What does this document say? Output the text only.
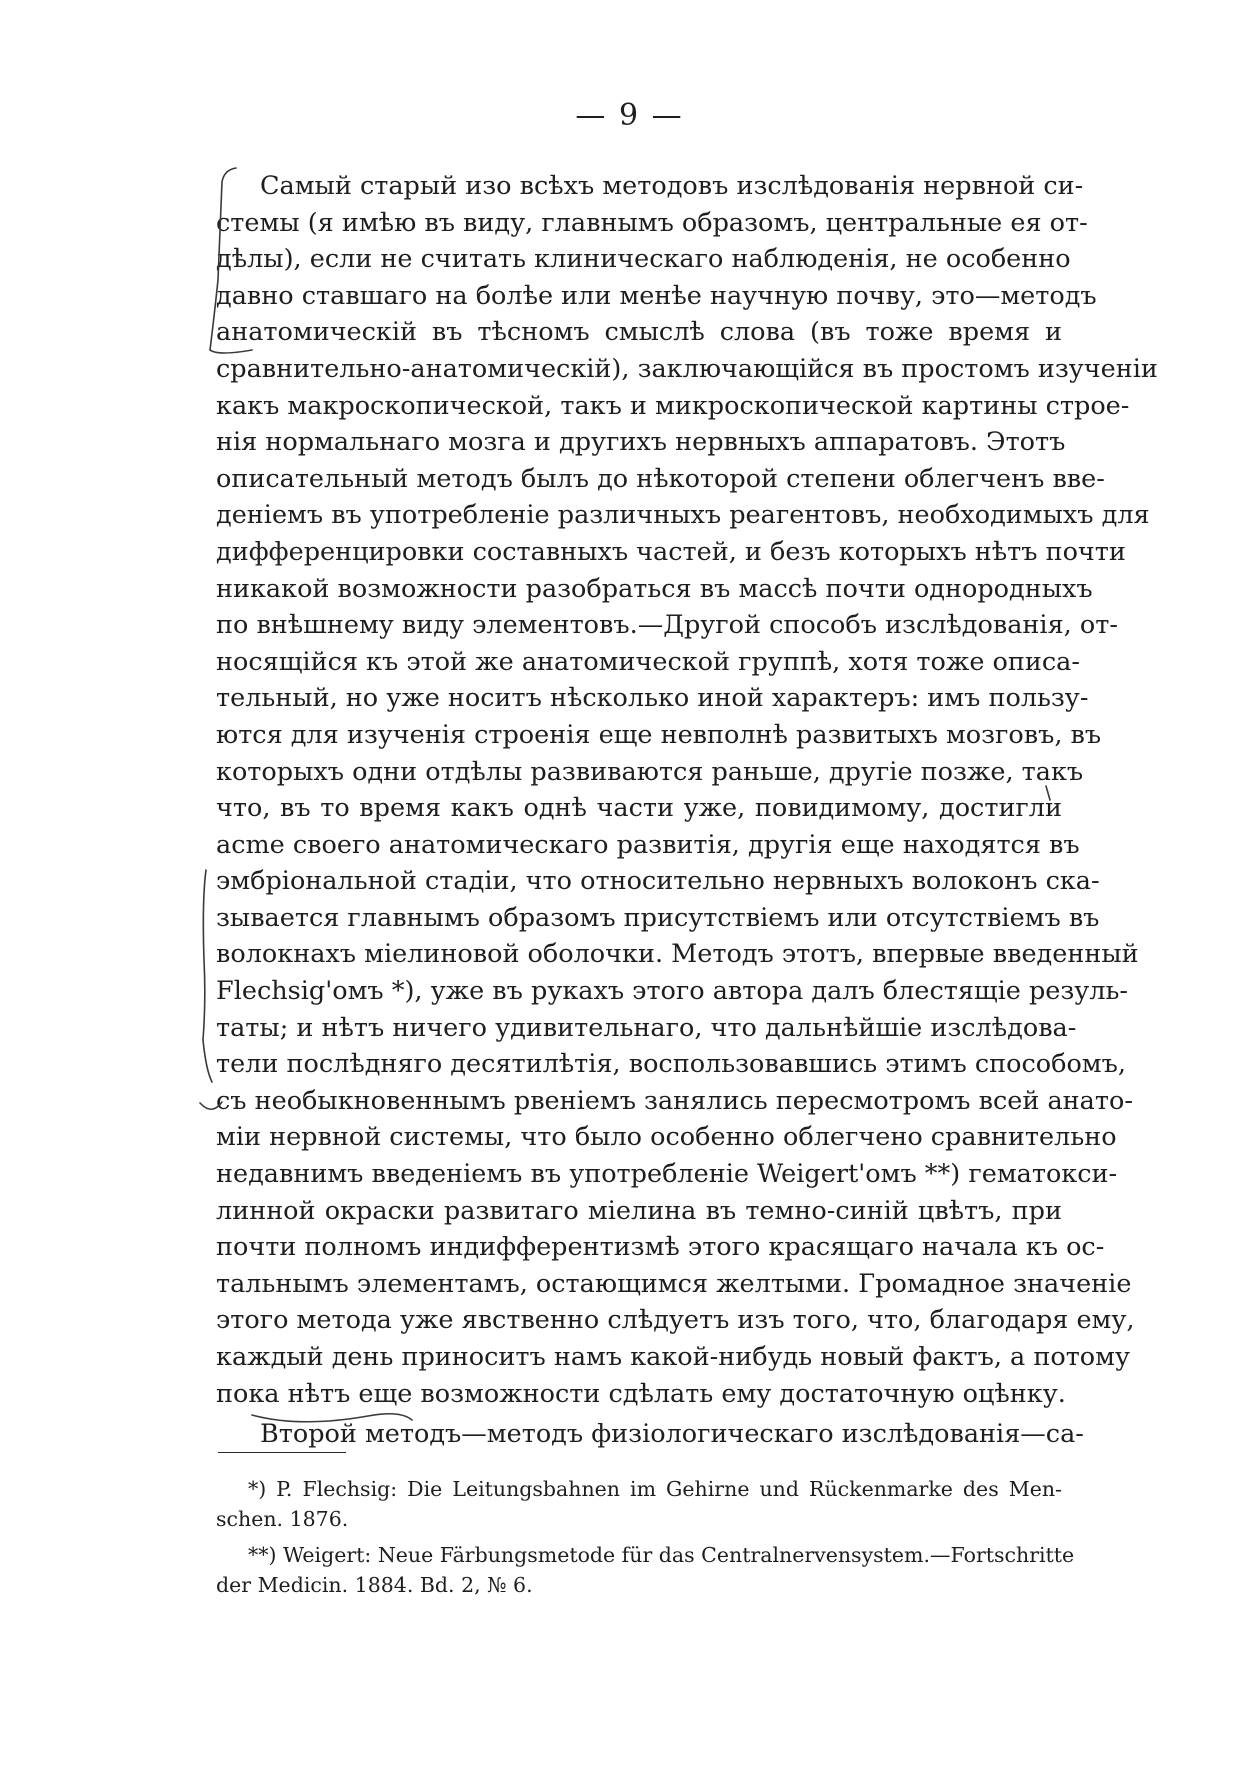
— 9 —
Самый старый изо всѣхъ методовъ изслѣдованія нервной си-
стемы (я имѣю въ виду, главнымъ образомъ, центральные ея от-
дѣлы), если не считать клиническаго наблюденія, не особенно
давно ставшаго на болѣе или менѣе научную почву, это—методъ
анатомическій въ тѣсномъ смыслѣ слова (въ тоже время и
сравнительно-анатомическій), заключающійся въ простомъ изученіи
какъ макроскопической, такъ и микроскопической картины строе-
нія нормальнаго мозга и другихъ нервныхъ аппаратовъ. Этотъ
описательный методъ былъ до нѣкоторой степени облегченъ вве-
деніемъ въ употребленіе различныхъ реагентовъ, необходимыхъ для
дифференцировки составныхъ частей, и безъ которыхъ нѣтъ почти
никакой возможности разобраться въ массѣ почти однородныхъ
по внѣшнему виду элементовъ.—Другой способъ изслѣдованія, от-
носящійся къ этой же анатомической группѣ, хотя тоже описа-
тельный, но уже носитъ нѣсколько иной характеръ: имъ пользу-
ются для изученія строенія еще невполнѣ развитыхъ мозговъ, въ
которыхъ одни отдѣлы развиваются раньше, другіе позже, такъ
что, въ то время какъ однѣ части уже, повидимому, достигли
acme своего анатомическаго развитія, другія еще находятся въ
эмбріональной стадіи, что относительно нервныхъ волоконъ ска-
зывается главнымъ образомъ присутствіемъ или отсутствіемъ въ
волокнахъ міелиновой оболочки. Методъ этотъ, впервые введенный
Flechsig'омъ *), уже въ рукахъ этого автора далъ блестящіе резуль-
таты; и нѣтъ ничего удивительнаго, что дальнѣйшіе изслѣдова-
тели послѣдняго десятилѣтія, воспользовавшись этимъ способомъ,
съ необыкновеннымъ рвеніемъ занялись пересмотромъ всей анато-
міи нервной системы, что было особенно облегчено сравнительно
недавнимъ введеніемъ въ употребленіе Weigert'омъ **) гематокси-
линной окраски развитаго міелина въ темно-синій цвѣтъ, при
почти полномъ индифферентизмѣ этого красящаго начала къ ос-
тальнымъ элементамъ, остающимся желтыми. Громадное значеніе
этого метода уже явственно слѣдуетъ изъ того, что, благодаря ему,
каждый день приноситъ намъ какой-нибудь новый фактъ, а потому
пока нѣтъ еще возможности сдѣлать ему достаточную оцѣнку.
Второй методъ—методъ физіологическаго изслѣдованія—са-
*) P. Flechsig: Die Leitungsbahnen im Gehirne und Rückenmarke des Men-
schen. 1876.
**) Weigert: Neue Färbungsmetode für das Centralnervensystem.—Fortschritte
der Medicin. 1884. Bd. 2, № 6.
